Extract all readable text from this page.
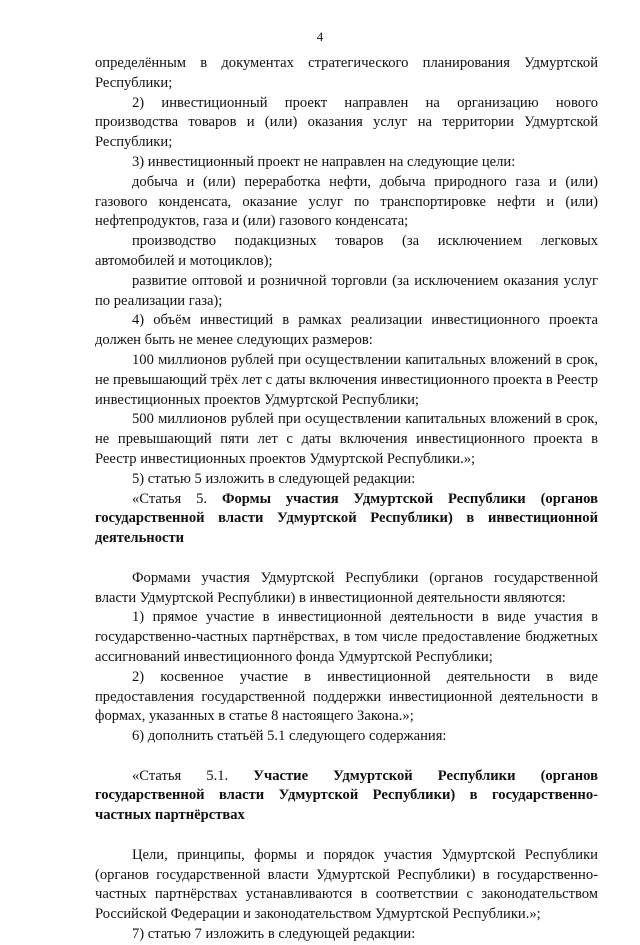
4

определённым в документах стратегического планирования Удмуртской Республики;

2) инвестиционный проект направлен на организацию нового производства товаров и (или) оказания услуг на территории Удмуртской Республики;

3) инвестиционный проект не направлен на следующие цели:

добыча и (или) переработка нефти, добыча природного газа и (или) газового конденсата, оказание услуг по транспортировке нефти и (или) нефтепродуктов, газа и (или) газового конденсата;

производство подакцизных товаров (за исключением легковых автомобилей и мотоциклов);

развитие оптовой и розничной торговли (за исключением оказания услуг по реализации газа);

4) объём инвестиций в рамках реализации инвестиционного проекта должен быть не менее следующих размеров:

100 миллионов рублей при осуществлении капитальных вложений в срок, не превышающий трёх лет с даты включения инвестиционного проекта в Реестр инвестиционных проектов Удмуртской Республики;

500 миллионов рублей при осуществлении капитальных вложений в срок, не превышающий пяти лет с даты включения инвестиционного проекта в Реестр инвестиционных проектов Удмуртской Республики.»;

5) статью 5 изложить в следующей редакции:

«Статья 5. Формы участия Удмуртской Республики (органов государственной власти Удмуртской Республики) в инвестиционной деятельности

Формами участия Удмуртской Республики (органов государственной власти Удмуртской Республики) в инвестиционной деятельности являются:

1) прямое участие в инвестиционной деятельности в виде участия в государственно-частных партнёрствах, в том числе предоставление бюджетных ассигнований инвестиционного фонда Удмуртской Республики;

2) косвенное участие в инвестиционной деятельности в виде предоставления государственной поддержки инвестиционной деятельности в формах, указанных в статье 8 настоящего Закона.»;

6) дополнить статьёй 5.1 следующего содержания:

«Статья 5.1. Участие Удмуртской Республики (органов государственной власти Удмуртской Республики) в государственно-частных партнёрствах

Цели, принципы, формы и порядок участия Удмуртской Республики (органов государственной власти Удмуртской Республики) в государственно-частных партнёрствах устанавливаются в соответствии с законодательством Российской Федерации и законодательством Удмуртской Республики.»;

7) статью 7 изложить в следующей редакции:
